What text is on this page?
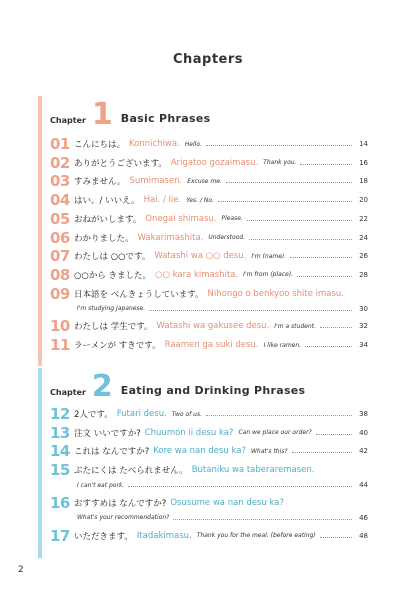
Chapters
Chapter 1 Basic Phrases
01 こんにちは。 Konnichiwa. Hello.	14
02 ありがとうございます。 Arigatoo gozaimasu. Thank you.	16
03 すみません。 Sumimasen. Excuse me.	18
04 はい。/ いいえ。 Hai. / Iie. Yes. / No.	20
05 おねがいします。 Onegai shimasu. Please.	22
06 わかりました。 Wakarimashita. Understood.	24
07 わたしは ○○です。 Watashi wa ○○ desu. I'm (name).	26
08 ○○から きました。 ○○ kara kimashita. I'm from (place).	28
09 日本語を べんきょうしています。 Nihongo o benkyoo shite imasu.
I'm studying Japanese.	30
10 わたしは 学生です。 Watashi wa gakusee desu. I'm a student.	32
11 ラーメンが すきです。 Raamen ga suki desu. I like ramen.	34
Chapter 2 Eating and Drinking Phrases
12 2人です。 Futari desu. Two of us.	38
13 注文 いいですか? Chuumon ii desu ka? Can we place our order?	40
14 これは なんですか? Kore wa nan desu ka? What's this?	42
15 ぶたにくは たべられません。 Butaniku wa taberaremasen.
I can't eat pork.	44
16 おすすめは なんですか? Osusume wa nan desu ka?
What's your recommendation?	46
17 いただきます。 Itadakimasu. Thank you for the meal. (before eating)	48
2
